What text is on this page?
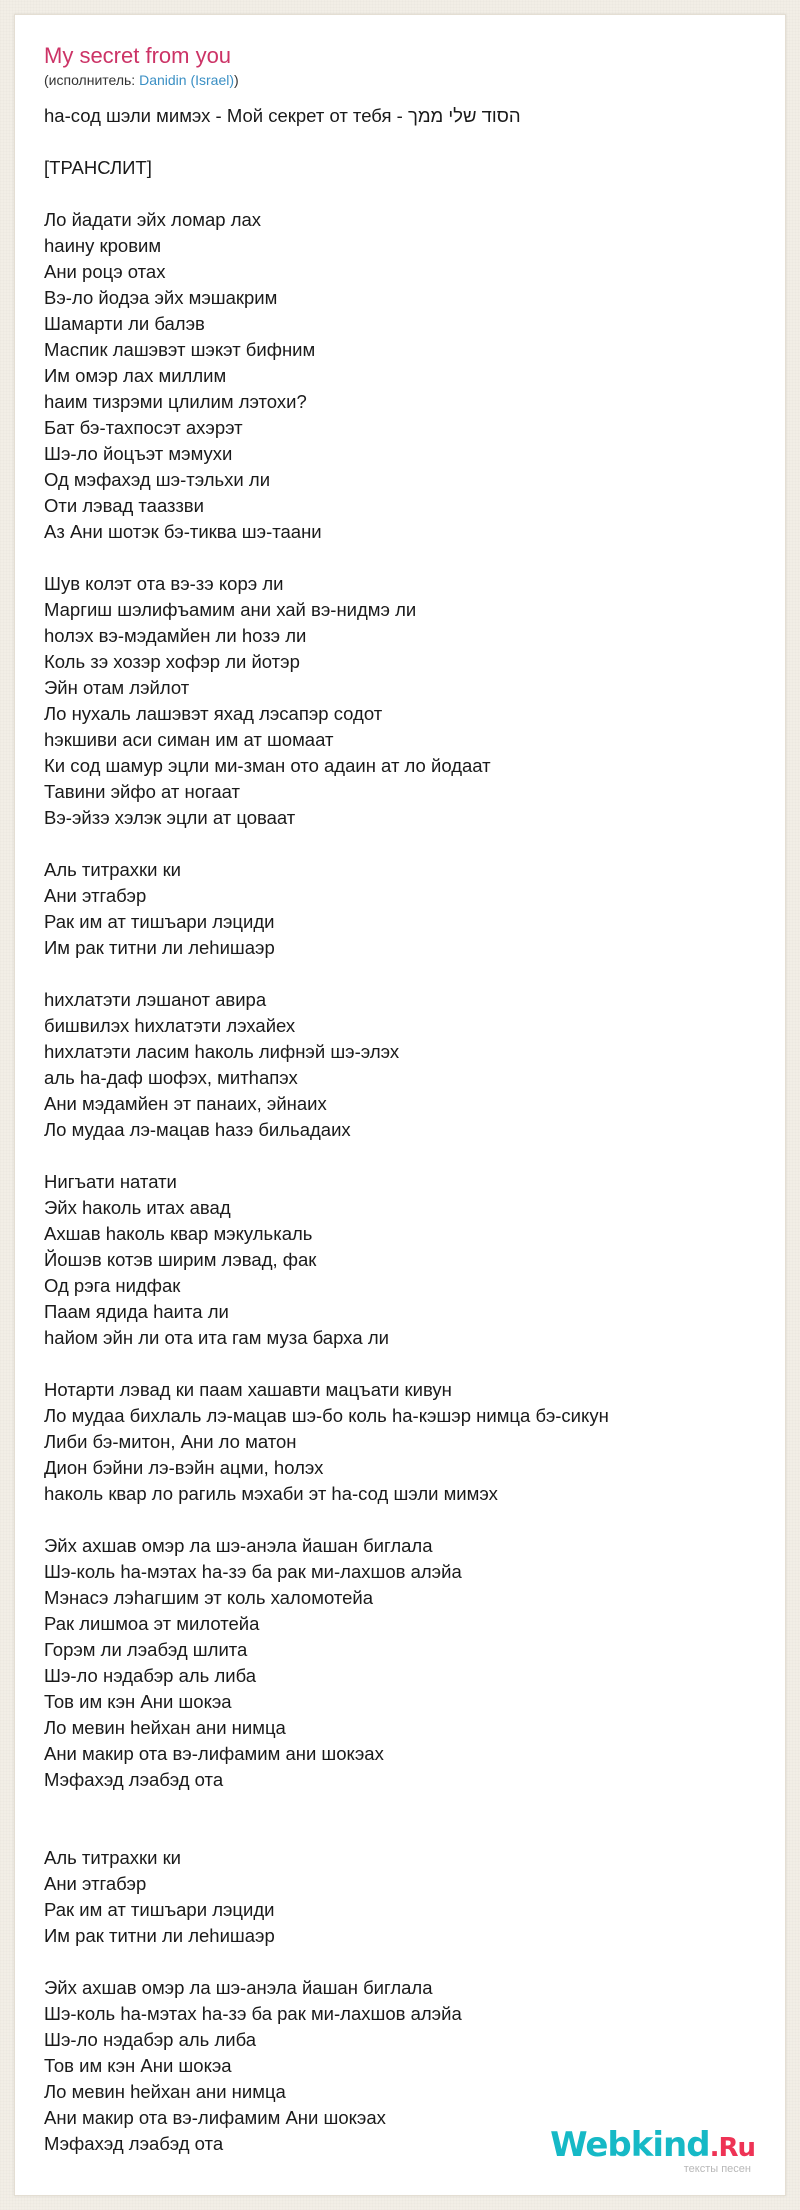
My secret from you
(исполнитель: Danidin (Israel))
hа-сод шэли мимэх - Мой секрет от тебя - הסוד שלי ממך
[ТРАНСЛИТ]
Ло йадати эйх ломар лах
hаину кровим
Ани роцэ отах
Вэ-ло йодэа эйх мэшакрим
Шамарти ли балэв
Маспик лашэвэт шэкэт бифним
Им омэр лах миллим
hаим тизрэми цлилим лэтохи?
Бат бэ-тахпосэт ахэрэт
Шэ-ло йоцъэт мэмухи
Од мэфахэд шэ-тэльхи ли
Оти лэвад тааззви
Аз Ани шотэк бэ-тиква шэ-таани
Шув колэт ота вэ-зэ корэ ли
Маргиш шэлифъамим ани хай вэ-нидмэ ли
hолэх вэ-мэдамйен ли hозэ ли
Коль зэ хозэр хофэр ли йотэр
Эйн отам лэйлот
Ло нухаль лашэвэт яхад лэсапэр содот
hэкшиви аси симан им ат шомаат
Ки сод шамур эцли ми-зман ото адаин ат ло йодаат
Тавини эйфо ат ногаат
Вэ-эйзэ хэлэк эцли ат цоваат
Аль титрахки ки
Ани этгабэр
Рак им ат тишъари лэциди
Им рак титни ли леhишаэр
hихлатэти лэшанот авира
бишвилэх hихлатэти лэхайех
hихлатэти ласим hаколь лифнэй шэ-элэх
аль hа-даф шофэх, митhапэх
Ани мэдамйен эт панаих, эйнаих
Ло мудаа лэ-мацав hазэ бильадаих
Нигъати натати
Эйх hаколь итах авад
Ахшав hаколь квар мэкулькаль
Йошэв котэв ширим лэвад, фак
Од рэга нидфак
Паам ядида hаита ли
hайом эйн ли ота ита гам муза бархa ли
Нотарти лэвад ки паам хашавти мацъати кивун
Ло мудаа бихлаль лэ-мацав шэ-бо коль hа-кэшэр нимца бэ-сикун
Либи бэ-митон, Ани ло матон
Дион бэйни лэ-вэйн ацми, hолэх
hаколь квар ло рагиль мэхаби эт hа-сод шэли мимэх
Эйх ахшав омэр ла шэ-анэла йашан биглала
Шэ-коль hа-мэтах hа-зэ ба рак ми-лахшов алэйа
Мэнасэ лэhагшим эт коль халомотейа
Рак лишмоа эт милотейа
Горэм ли лэабэд шлита
Шэ-ло нэдабэр аль либа
Тов им кэн Ани шокэа
Ло мевин hейхан ани нимца
Ани макир ота вэ-лифамим ани шокэах
Мэфахэд лэабэд ота
Аль титрахки ки
Ани этгабэр
Рак им ат тишъари лэциди
Им рак титни ли леhишаэр
Эйх ахшав омэр ла шэ-анэла йашан биглала
Шэ-коль hа-мэтах hа-зэ ба рак ми-лахшов алэйа
Шэ-ло нэдабэр аль либа
Тов им кэн Ани шокэа
Ло мевин hейхан ани нимца
Ани макир ота вэ-лифамим Ани шокэах
Мэфахэд лэабэд ота	Webkind.Ru
тексты песен
